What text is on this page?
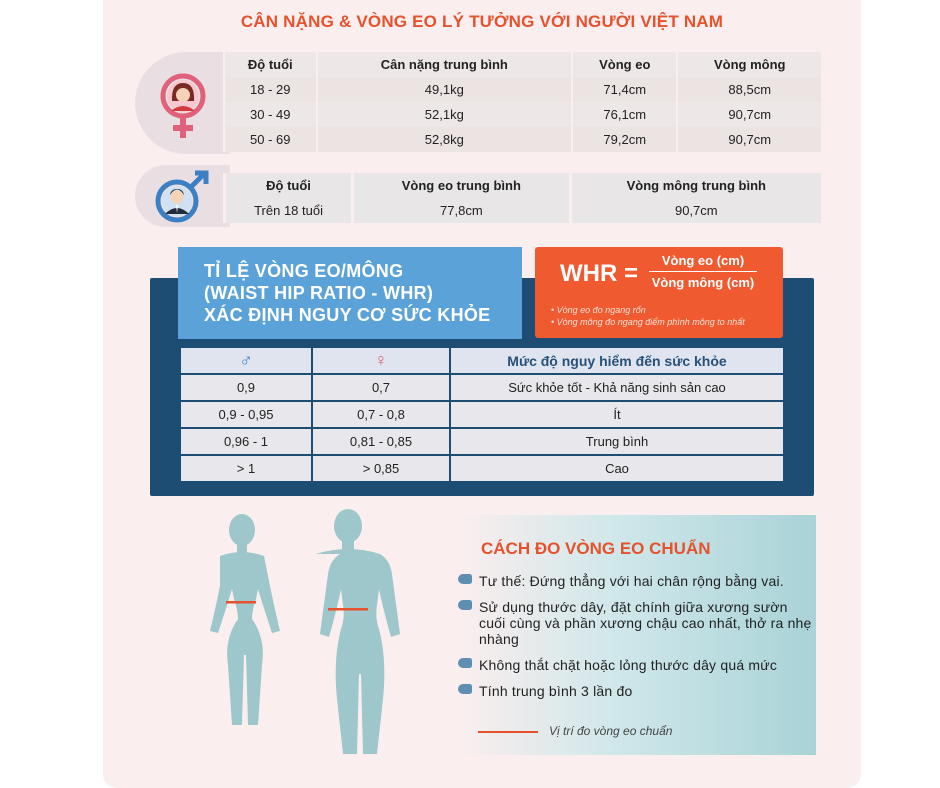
CÂN NẶNG & VÒNG EO LÝ TƯỞNG VỚI NGƯỜI VIỆT NAM
Độ tuổi	Cân nặng trung bình	Vòng eo	Vòng mông
18 - 29	49,1kg	71,4cm	88,5cm
30 - 49	52,1kg	76,1cm	90,7cm
50 - 69	52,8kg	79,2cm	90,7cm
Độ tuổi	Vòng eo trung bình	Vòng mông trung bình
Trên 18 tuổi	77,8cm	90,7cm
TỈ LỆ VÒNG EO/MÔNG
(WAIST HIP RATIO - WHR)
XÁC ĐỊNH NGUY CƠ SỨC KHỎE
WHR =	Vòng eo (cm)
Vòng mông (cm)
• Vòng eo đo ngang rốn
• Vòng mông đo ngang điểm phình mông to nhất
♂	♀	Mức độ nguy hiểm đến sức khỏe
0,9	0,7	Sức khỏe tốt - Khả năng sinh sản cao
0,9 - 0,95	0,7 - 0,8	Ít
0,96 - 1	0,81 - 0,85	Trung bình
> 1	> 0,85	Cao
CÁCH ĐO VÒNG EO CHUẨN
Tư thế: Đứng thẳng với hai chân rộng bằng vai.
Sử dụng thước dây, đặt chính giữa xương sườn cuối cùng và phần xương chậu cao nhất, thở ra nhẹ nhàng
Không thắt chặt hoặc lỏng thước dây quá mức
Tính trung bình 3 lần đo
Vị trí đo vòng eo chuẩn
